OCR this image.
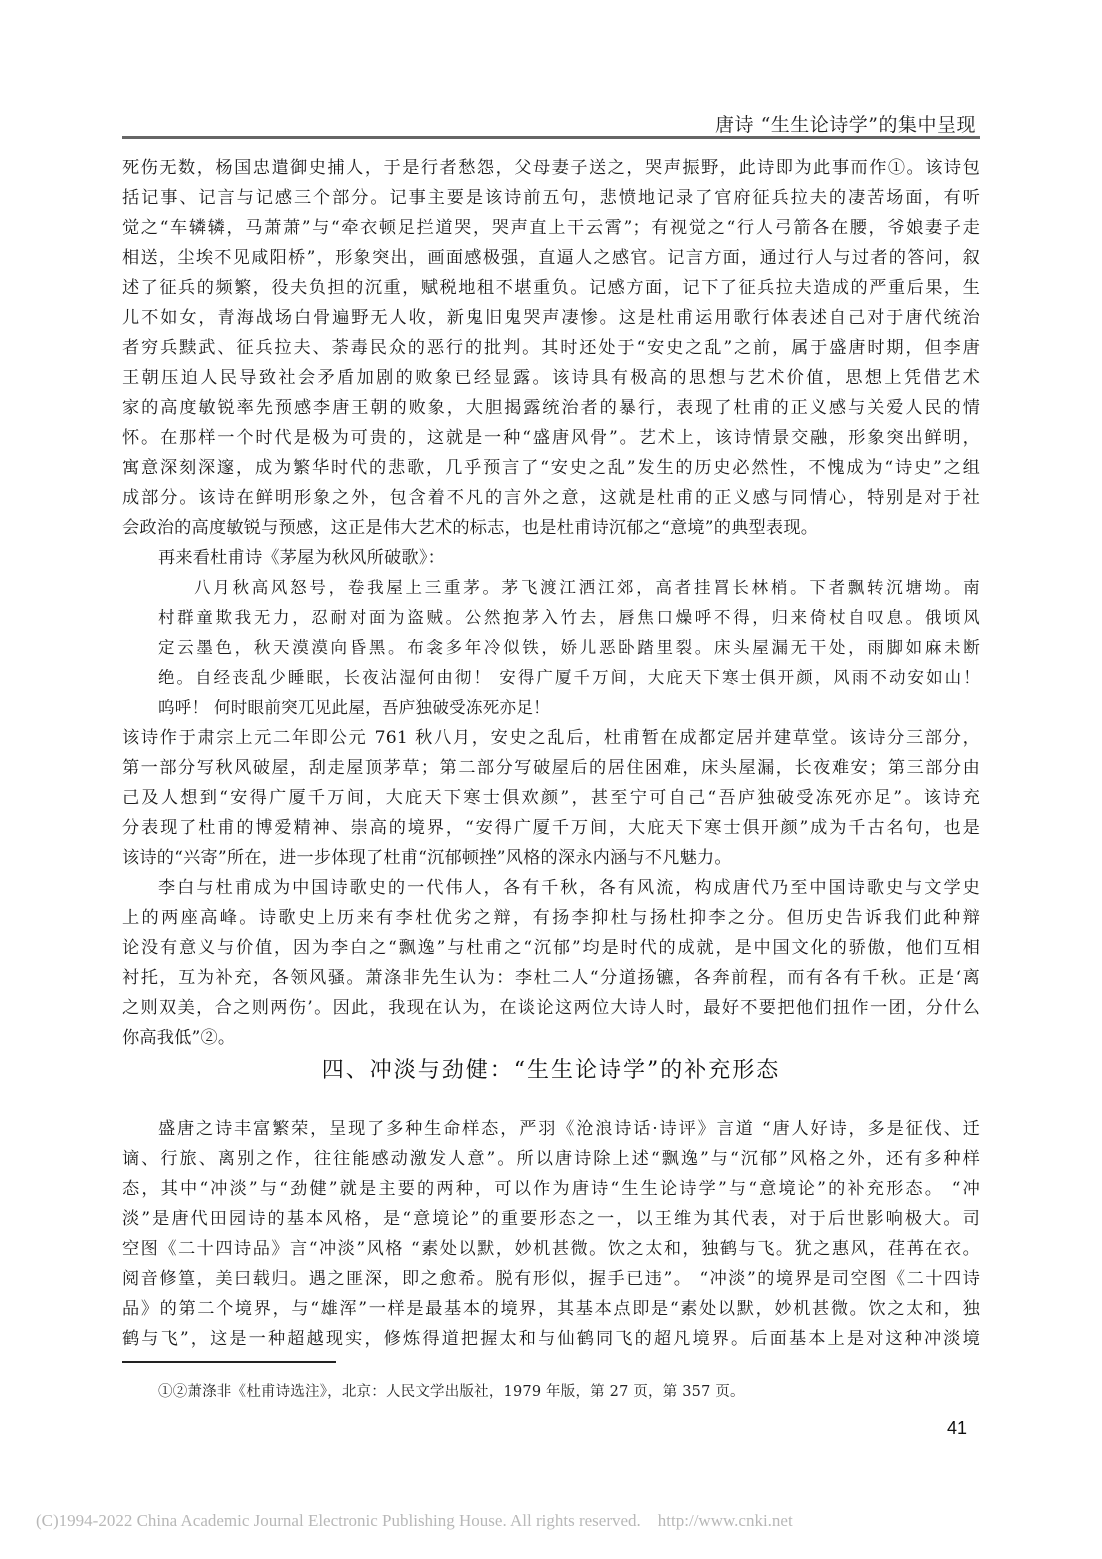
唐诗 “生生论诗学”的集中呈现
死伤无数，杨国忠遣御史捕人，于是行者愁怨，父母妻子送之，哭声振野，此诗即为此事而作①。该诗包
括记事、记言与记感三个部分。记事主要是该诗前五句，悲愤地记录了官府征兵拉夫的凄苦场面，有听
觉之“车辚辚，马萧萧”与“牵衣顿足拦道哭，哭声直上干云霄”；有视觉之“行人弓箭各在腰，爷娘妻子走
相送，尘埃不见咸阳桥”，形象突出，画面感极强，直逼人之感官。记言方面，通过行人与过者的答问，叙
述了征兵的频繁，役夫负担的沉重，赋税地租不堪重负。记感方面，记下了征兵拉夫造成的严重后果，生
儿不如女，青海战场白骨遍野无人收，新鬼旧鬼哭声凄惨。这是杜甫运用歌行体表述自己对于唐代统治
者穷兵黩武、征兵拉夫、荼毒民众的恶行的批判。其时还处于“安史之乱”之前，属于盛唐时期，但李唐
王朝压迫人民导致社会矛盾加剧的败象已经显露。该诗具有极高的思想与艺术价值，思想上凭借艺术
家的高度敏锐率先预感李唐王朝的败象，大胆揭露统治者的暴行，表现了杜甫的正义感与关爱人民的情
怀。在那样一个时代是极为可贵的，这就是一种“盛唐风骨”。艺术上，该诗情景交融，形象突出鲜明，
寓意深刻深邃，成为繁华时代的悲歌，几乎预言了“安史之乱”发生的历史必然性，不愧成为“诗史”之组
成部分。该诗在鲜明形象之外，包含着不凡的言外之意，这就是杜甫的正义感与同情心，特别是对于社
会政治的高度敏锐与预感，这正是伟大艺术的标志，也是杜甫诗沉郁之“意境”的典型表现。
再来看杜甫诗《茅屋为秋风所破歌》：
八月秋高风怒号，卷我屋上三重茅。茅飞渡江洒江郊，高者挂罥长林梢。下者飘转沉塘坳。南
村群童欺我无力，忍耐对面为盗贼。公然抱茅入竹去，唇焦口燥呼不得，归来倚杖自叹息。俄顷风
定云墨色，秋天漠漠向昏黑。布衾多年冷似铁，娇儿恶卧踏里裂。床头屋漏无干处，雨脚如麻未断
绝。自经丧乱少睡眠，长夜沾湿何由彻！ 安得广厦千万间，大庇天下寒士俱开颜，风雨不动安如山！
呜呼！ 何时眼前突兀见此屋，吾庐独破受冻死亦足！
该诗作于肃宗上元二年即公元 761 秋八月，安史之乱后，杜甫暂在成都定居并建草堂。该诗分三部分，
第一部分写秋风破屋，刮走屋顶茅草；第二部分写破屋后的居住困难，床头屋漏，长夜难安；第三部分由
己及人想到“安得广厦千万间，大庇天下寒士俱欢颜”，甚至宁可自己“吾庐独破受冻死亦足”。该诗充
分表现了杜甫的博爱精神、崇高的境界，“安得广厦千万间，大庇天下寒士俱开颜”成为千古名句，也是
该诗的“兴寄”所在，进一步体现了杜甫“沉郁顿挫”风格的深永内涵与不凡魅力。
李白与杜甫成为中国诗歌史的一代伟人，各有千秋，各有风流，构成唐代乃至中国诗歌史与文学史
上的两座高峰。诗歌史上历来有李杜优劣之辩，有扬李抑杜与扬杜抑李之分。但历史告诉我们此种辩
论没有意义与价值，因为李白之“飘逸”与杜甫之“沉郁”均是时代的成就，是中国文化的骄傲，他们互相
衬托，互为补充，各领风骚。萧涤非先生认为：李杜二人“分道扬镳，各奔前程，而有各有千秋。正是‘离
之则双美，合之则两伤’。因此，我现在认为，在谈论这两位大诗人时，最好不要把他们扭作一团，分什么
你高我低”②。
四、冲淡与劲健：“生生论诗学”的补充形态
盛唐之诗丰富繁荣，呈现了多种生命样态，严羽《沧浪诗话·诗评》言道 “唐人好诗，多是征伐、迁
谪、行旅、离别之作，往往能感动激发人意”。所以唐诗除上述“飘逸”与“沉郁”风格之外，还有多种样
态，其中“冲淡”与“劲健”就是主要的两种，可以作为唐诗“生生论诗学”与“意境论”的补充形态。 “冲
淡”是唐代田园诗的基本风格，是“意境论”的重要形态之一，以王维为其代表，对于后世影响极大。司
空图《二十四诗品》言“冲淡”风格 “素处以默，妙机甚微。饮之太和，独鹤与飞。犹之惠风，荏苒在衣。
阅音修篁，美曰载归。遇之匪深，即之愈希。脱有形似，握手已违”。 “冲淡”的境界是司空图《二十四诗
品》的第二个境界，与“雄浑”一样是最基本的境界，其基本点即是“素处以默，妙机甚微。饮之太和，独
鹤与飞”，这是一种超越现实，修炼得道把握太和与仙鹤同飞的超凡境界。后面基本上是对这种冲淡境
①②萧涤非《杜甫诗选注》，北京：人民文学出版社，1979 年版，第 27 页，第 357 页。
41
(C)1994-2022 China Academic Journal Electronic Publishing House. All rights reserved.    http://www.cnki.net
